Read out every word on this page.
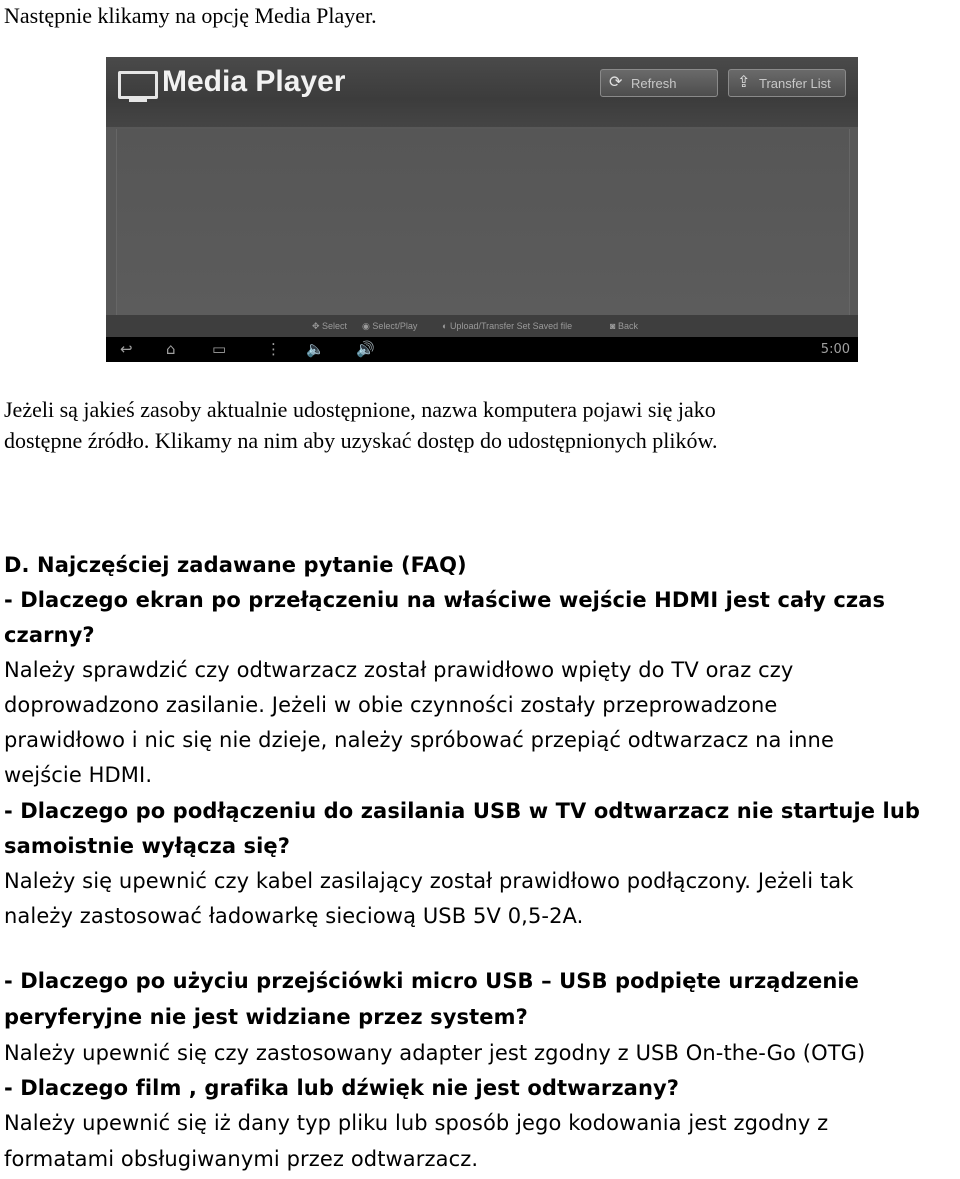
Następnie klikamy na opcję Media Player.

Media Player	⟳ Refresh	⇪ Transfer List
✥ Select ◉ Select/Play	◐ Upload/Transfer Set Saved file	◙ Back
↩ ⌂ ▭	⋮ 🔈 🔊	5:00

Jeżeli są jakieś zasoby aktualnie udostępnione, nazwa komputera pojawi się jako

dostępne źródło. Klikamy na nim aby uzyskać dostęp do udostępnionych plików.

D. Najczęściej zadawane pytanie (FAQ)

- Dlaczego ekran po przełączeniu na właściwe wejście HDMI jest cały czas

czarny?

Należy sprawdzić czy odtwarzacz został prawidłowo wpięty do TV oraz czy

doprowadzono zasilanie. Jeżeli w obie czynności zostały przeprowadzone

prawidłowo i nic się nie dzieje, należy spróbować przepiąć odtwarzacz na inne

wejście HDMI.

- Dlaczego po podłączeniu do zasilania USB w TV odtwarzacz nie startuje lub

samoistnie wyłącza się?

Należy się upewnić czy kabel zasilający został prawidłowo podłączony. Jeżeli tak

należy zastosować ładowarkę sieciową USB 5V 0,5-2A.

- Dlaczego po użyciu przejściówki micro USB – USB podpięte urządzenie

peryferyjne nie jest widziane przez system?

Należy upewnić się czy zastosowany adapter jest zgodny z USB On-the-Go (OTG)

- Dlaczego film , grafika lub dźwięk nie jest odtwarzany?

Należy upewnić się iż dany typ pliku lub sposób jego kodowania jest zgodny z

formatami obsługiwanymi przez odtwarzacz.
